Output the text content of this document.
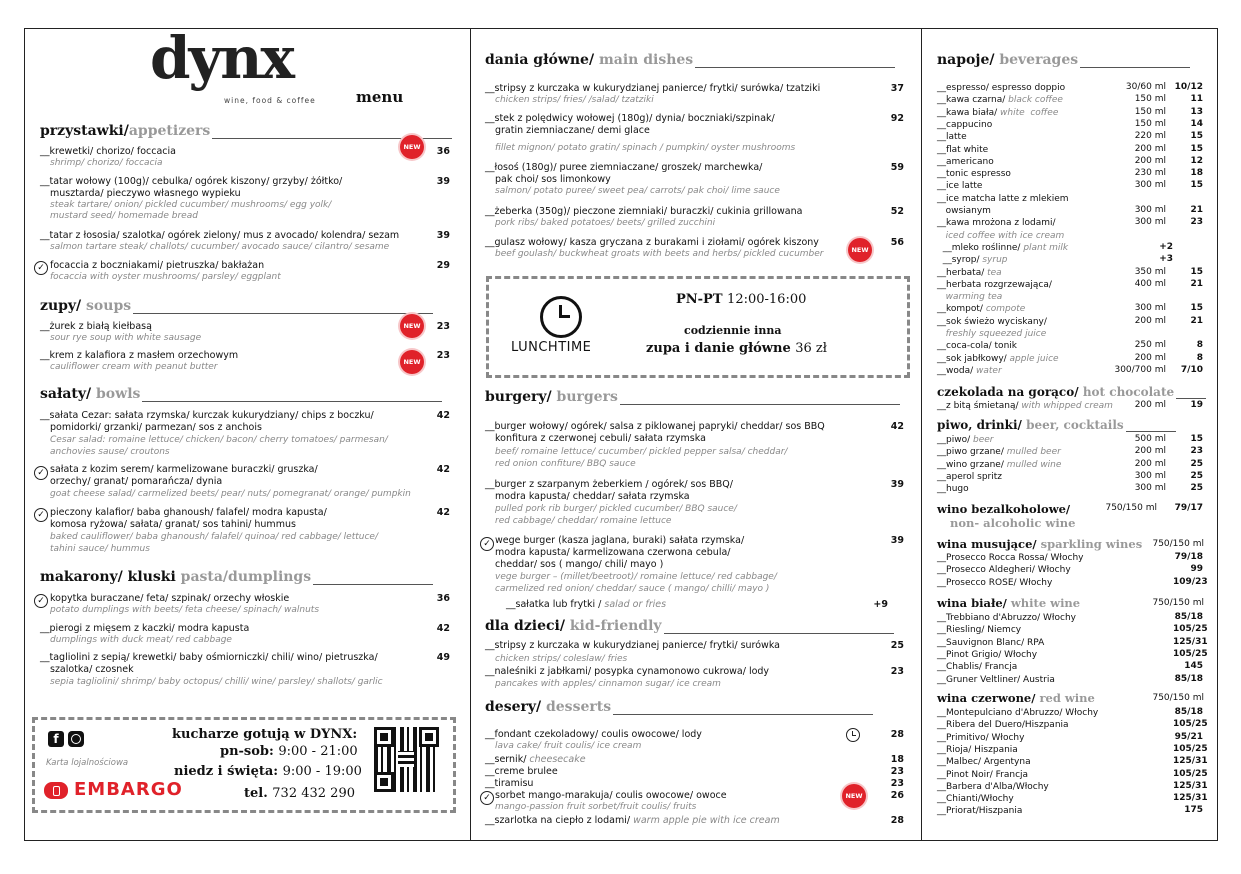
dynx
wine, food & coffee	menu
przystawki/appetizers
NEW
__krewetki/ chorizo/ foccacia
shrimp/ chorizo/ foccacia
36
__tatar wołowy (100g)/ cebulka/ ogórek kiszony/ grzyby/ żółtko/
musztarda/ pieczywo własnego wypieku
steak tartare/ onion/ pickled cucumber/ mushrooms/ egg yolk/
mustard seed/ homemade bread
39
__tatar z łososia/ szalotka/ ogórek zielony/ mus z avocado/ kolendra/ sezam
salmon tartare steak/ challots/ cucumber/ avocado sauce/ cilantro/ sesame
39
✓ focaccia z boczniakami/ pietruszka/ bakłażan
focaccia with oyster mushrooms/ parsley/ eggplant
29
zupy/ soups
NEW
__żurek z białą kiełbasą
sour rye soup with white sausage
23
NEW
__krem z kalafiora z masłem orzechowym
cauliflower cream with peanut butter
23
sałaty/ bowls
__sałata Cezar: sałata rzymska/ kurczak kukurydziany/ chips z boczku/
pomidorki/ grzanki/ parmezan/ sos z anchois
Cesar salad: romaine lettuce/ chicken/ bacon/ cherry tomatoes/ parmesan/
anchovies sause/ croutons
42
✓ sałata z kozim serem/ karmelizowane buraczki/ gruszka/
orzechy/ granat/ pomarańcza/ dynia
goat cheese salad/ carmelized beets/ pear/ nuts/ pomegranat/ orange/ pumpkin
42
✓ pieczony kalafior/ baba ghanoush/ falafel/ modra kapusta/
komosa ryżowa/ sałata/ granat/ sos tahini/ hummus
baked cauliflower/ baba ghanoush/ falafel/ quinoa/ red cabbage/ lettuce/
tahini sauce/ hummus
42
makarony/ kluski pasta/dumplings
✓ kopytka buraczane/ feta/ szpinak/ orzechy włoskie
potato dumplings with beets/ feta cheese/ spinach/ walnuts
36
__pierogi z mięsem z kaczki/ modra kapusta
dumplings with duck meat/ red cabbage
42
__tagliolini z sepią/ krewetki/ baby ośmiorniczki/ chili/ wino/ pietruszka/
szalotka/ czosnek
sepia tagliolini/ shrimp/ baby octopus/ chilli/ wine/ parsley/ shallots/ garlic
49
f
Karta lojalnościowa
EMBARGO
kucharze gotują w DYNX:
pn-sob: 9:00 - 21:00
niedz i święta: 9:00 - 19:00
tel. 732 432 290
dania główne/ main dishes
__stripsy z kurczaka w kukurydzianej panierce/ frytki/ surówka/ tzatziki
chicken strips/ fries/ /salad/ tzatziki
37
__stek z polędwicy wołowej (180g)/ dynia/ boczniaki/szpinak/
gratin ziemniaczane/ demi glace
fillet mignon/ potato gratin/ spinach / pumpkin/ oyster mushrooms
92
__łosoś (180g)/ puree ziemniaczane/ groszek/ marchewka/
pak choi/ sos limonkowy
salmon/ potato puree/ sweet pea/ carrots/ pak choi/ lime sauce
59
__żeberka (350g)/ pieczone ziemniaki/ buraczki/ cukinia grillowana
pork ribs/ baked potatoes/ beets/ grilled zucchini
52
NEW
__gulasz wołowy/ kasza gryczana z burakami i ziołami/ ogórek kiszony
beef goulash/ buckwheat groats with beets and herbs/ pickled cucumber
56
LUNCHTIME
PN-PT 12:00-16:00
codziennie inna
zupa i danie główne 36 zł
burgery/ burgers
__burger wołowy/ ogórek/ salsa z piklowanej papryki/ cheddar/ sos BBQ
konfitura z czerwonej cebuli/ sałata rzymska
beef/ romaine lettuce/ cucumber/ pickled pepper salsa/ cheddar/
red onion confiture/ BBQ sauce
42
__burger z szarpanym żeberkiem / ogórek/ sos BBQ/
modra kapusta/ cheddar/ sałata rzymska
pulled pork rib burger/ pickled cucumber/ BBQ sauce/
red cabbage/ cheddar/ romaine lettuce
39
✓ wege burger (kasza jaglana, buraki) sałata rzymska/
modra kapusta/ karmelizowana czerwona cebula/
cheddar/ sos ( mango/ chili/ mayo )
vege burger – (millet/beetroot)/ romaine lettuce/ red cabbage/
carmelized red onion/ cheddar/ sauce ( mango/ chilli/ mayo )
39
__sałatka lub frytki / salad or fries	+9
dla dzieci/ kid-friendly
__stripsy z kurczaka w kukurydzianej panierce/ frytki/ surówka
chicken strips/ coleslaw/ fries
25
__naleśniki z jabłkami/ posypka cynamonowo cukrowa/ lody
pancakes with apples/ cinnamon sugar/ ice cream
23
desery/ desserts
__fondant czekoladowy/ coulis owocowe/ lody
lava cake/ fruit coulis/ ice cream
28
__sernik/ cheesecake	18
__creme brulee	23
__tiramisu	23
NEW
✓ sorbet mango-marakuja/ coulis owocowe/ owoce
mango-passion fruit sorbet/fruit coulis/ fruits
26
__szarlotka na ciepło z lodami/ warm apple pie with ice cream	28
napoje/ beverages
__espresso/ espresso doppio	30/60 ml 10/12
__kawa czarna/ black coffee	150 ml	11
__kawa biała/ white  coffee	150 ml	13
__cappucino	150 ml	14
__latte	220 ml	15
__flat white	200 ml	15
__americano	200 ml	12
__tonic espresso	230 ml	18
__ice latte	300 ml	15
__ice matcha latte z mlekiem
owsianym	300 ml	21
__kawa mrożona z lodami/	300 ml	23
iced coffee with ice cream
__mleko roślinne/ plant milk	+2
__syrop/ syrup	+3
__herbata/ tea	350 ml	15
__herbata rozgrzewająca/	400 ml	21
warming tea
__kompot/ compote	300 ml	15
__sok świeżo wyciskany/	200 ml	21
freshly squeezed juice
__coca-cola/ tonik	250 ml	8
__sok jabłkowy/ apple juice	200 ml	8
__woda/ water	300/700 ml	7/10
czekolada na gorąco/ hot chocolate
__z bitą śmietaną/ with whipped cream	200 ml	19
piwo, drinki/ beer, cocktails
__piwo/ beer	500 ml	15
__piwo grzane/ mulled beer	200 ml	23
__wino grzane/ mulled wine	200 ml	25
__aperol spritz	300 ml	25
__hugo	300 ml	25
wino bezalkoholowe/
non- alcoholic wine
750/150 ml 79/17
wina musujące/ sparkling wines	750/150 ml
__Prosecco Rocca Rossa/ Włochy	79/18
__Prosecco Aldegheri/ Włochy	99
__Prosecco ROSE/ Włochy	109/23
wina białe/ white wine	750/150 ml
__Trebbiano d'Abruzzo/ Włochy	85/18
__Riesling/ Niemcy	105/25
__Sauvignon Blanc/ RPA	125/31
__Pinot Grigio/ Włochy	105/25
__Chablis/ Francja	145
__Gruner Veltliner/ Austria	85/18
wina czerwone/ red wine	750/150 ml
__Montepulciano d'Abruzzo/ Włochy	85/18
__Ribera del Duero/Hiszpania	105/25
__Primitivo/ Włochy	95/21
__Rioja/ Hiszpania	105/25
__Malbec/ Argentyna	125/31
__Pinot Noir/ Francja	105/25
__Barbera d'Alba/Włochy	125/31
__Chianti/Włochy	125/31
__Priorat/Hiszpania	175
